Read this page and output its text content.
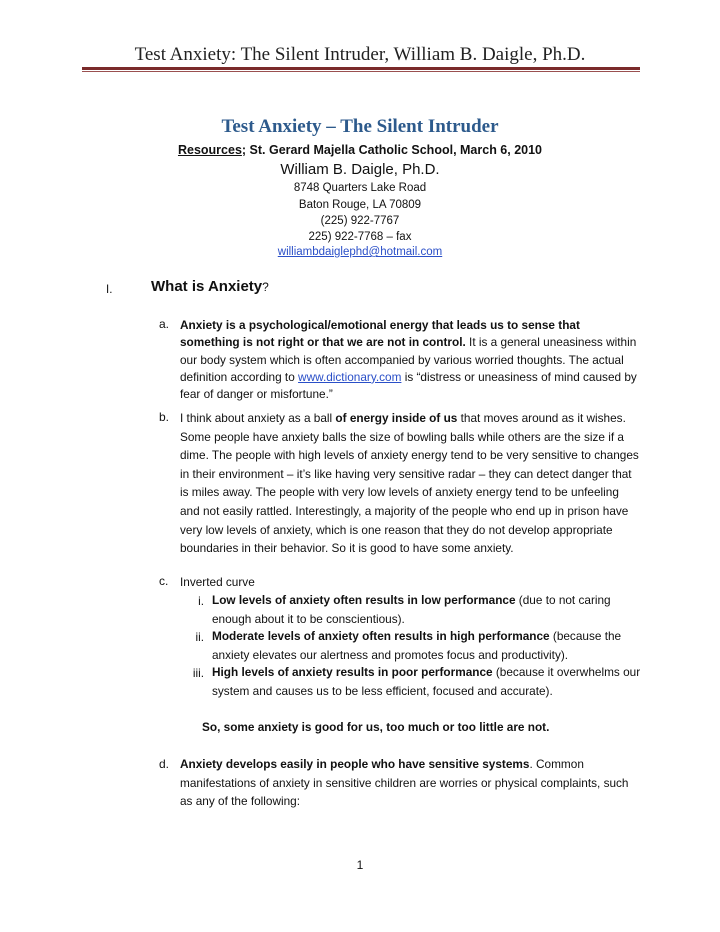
Test Anxiety: The Silent Intruder, William B. Daigle, Ph.D.
Test Anxiety – The Silent Intruder
Resources; St. Gerard Majella Catholic School, March 6, 2010
William B. Daigle, Ph.D.
8748 Quarters Lake Road
Baton Rouge, LA 70809
(225) 922-7767
225) 922-7768 – fax
williambdaiglephd@hotmail.com
I.	What is Anxiety?
a. Anxiety is a psychological/emotional energy that leads us to sense that something is not right or that we are not in control. It is a general uneasiness within our body system which is often accompanied by various worried thoughts. The actual definition according to www.dictionary.com is “distress or uneasiness of mind caused by fear of danger or misfortune.”
b. I think about anxiety as a ball of energy inside of us that moves around as it wishes. Some people have anxiety balls the size of bowling balls while others are the size if a dime. The people with high levels of anxiety energy tend to be very sensitive to changes in their environment – it’s like having very sensitive radar – they can detect danger that is miles away. The people with very low levels of anxiety energy tend to be unfeeling and not easily rattled. Interestingly, a majority of the people who end up in prison have very low levels of anxiety, which is one reason that they do not develop appropriate boundaries in their behavior. So it is good to have some anxiety.
c. Inverted curve
i. Low levels of anxiety often results in low performance (due to not caring enough about it to be conscientious).
ii. Moderate levels of anxiety often results in high performance (because the anxiety elevates our alertness and promotes focus and productivity).
iii. High levels of anxiety results in poor performance (because it overwhelms our system and causes us to be less efficient, focused and accurate).
So, some anxiety is good for us, too much or too little are not.
d. Anxiety develops easily in people who have sensitive systems. Common manifestations of anxiety in sensitive children are worries or physical complaints, such as any of the following:
1
